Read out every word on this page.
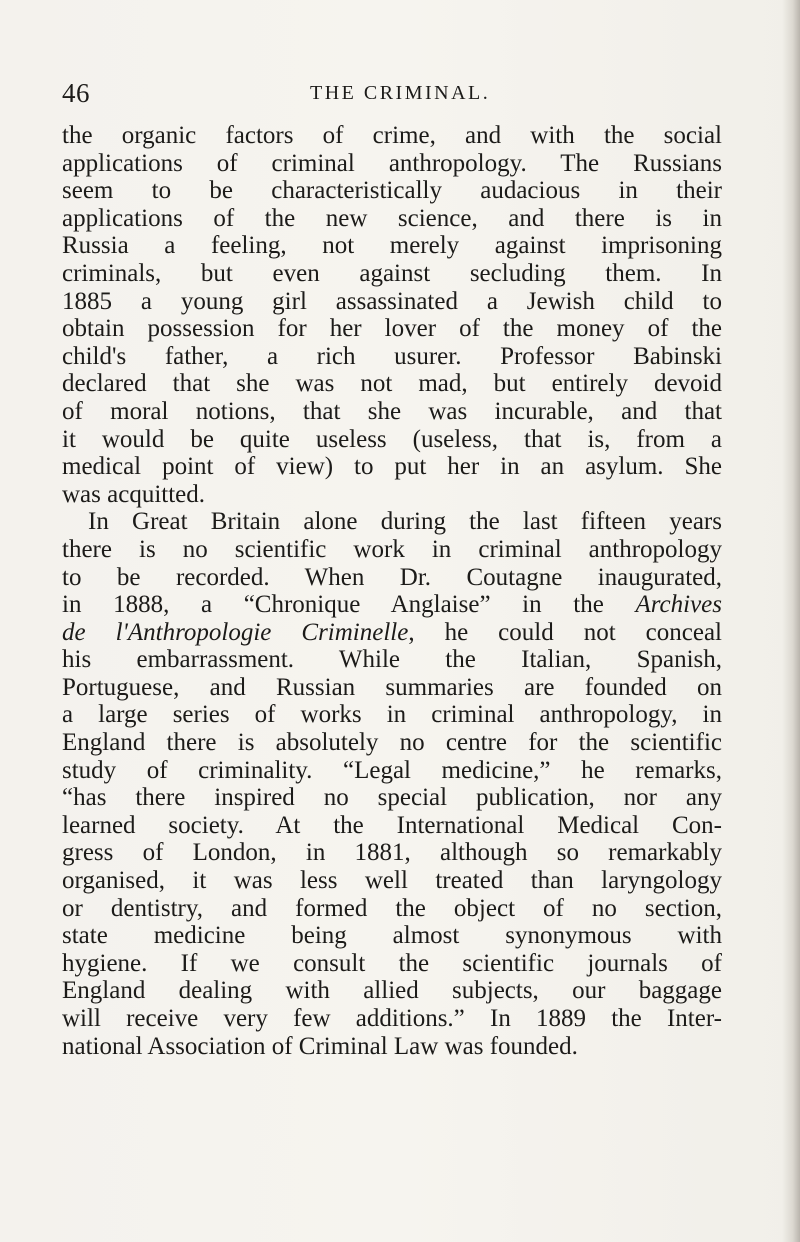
46	THE CRIMINAL.
the organic factors of crime, and with the social
applications of criminal anthropology. The Russians
seem to be characteristically audacious in their
applications of the new science, and there is in
Russia a feeling, not merely against imprisoning
criminals, but even against secluding them. In
1885 a young girl assassinated a Jewish child to
obtain possession for her lover of the money of the
child's father, a rich usurer. Professor Babinski
declared that she was not mad, but entirely devoid
of moral notions, that she was incurable, and that
it would be quite useless (useless, that is, from a
medical point of view) to put her in an asylum. She
was acquitted.
In Great Britain alone during the last fifteen years
there is no scientific work in criminal anthropology
to be recorded. When Dr. Coutagne inaugurated,
in 1888, a “Chronique Anglaise” in the Archives
de l'Anthropologie Criminelle, he could not conceal
his embarrassment. While the Italian, Spanish,
Portuguese, and Russian summaries are founded on
a large series of works in criminal anthropology, in
England there is absolutely no centre for the scientific
study of criminality. “Legal medicine,” he remarks,
“has there inspired no special publication, nor any
learned society. At the International Medical Con-
gress of London, in 1881, although so remarkably
organised, it was less well treated than laryngology
or dentistry, and formed the object of no section,
state medicine being almost synonymous with
hygiene. If we consult the scientific journals of
England dealing with allied subjects, our baggage
will receive very few additions.” In 1889 the Inter-
national Association of Criminal Law was founded.
